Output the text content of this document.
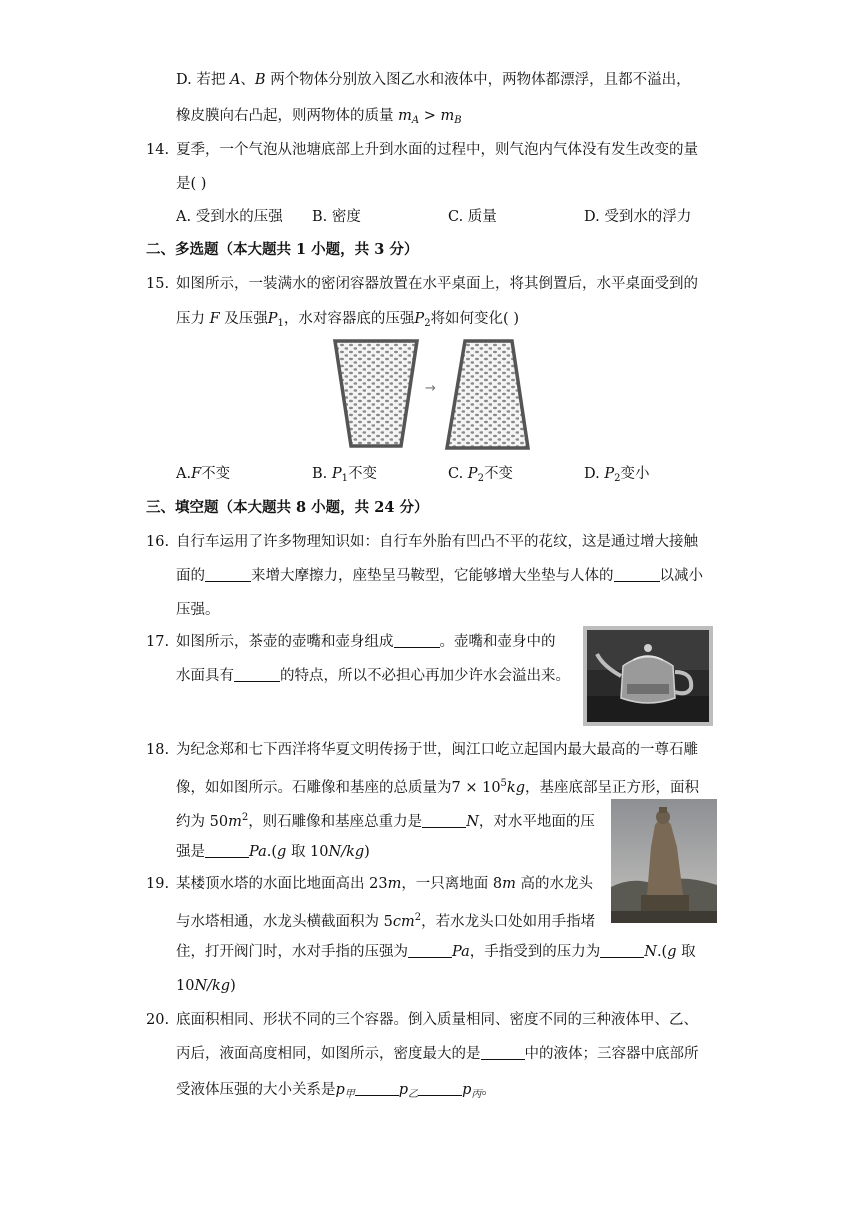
D. 若把 A、B 两个物体分别放入图乙水和液体中，两物体都漂浮，且都不溢出，
橡皮膜向右凸起，则两物体的质量 $m_A > m_B$
14. 夏季，一个气泡从池塘底部上升到水面的过程中，则气泡内气体没有发生改变的量
是( )
A. 受到水的压强 B. 密度	C. 质量	D. 受到水的浮力
二、多选题（本大题共 1 小题，共 3 分）
15. 如图所示，一装满水的密闭容器放置在水平桌面上，将其倒置后，水平桌面受到的
压力 F 及压强$P_1$，水对容器底的压强$P_2$将如何变化( )
→
A.F不变	B. $P_1$不变	C. $P_2$不变	D. $P_2$变小
三、填空题（本大题共 8 小题，共 24 分）
16. 自行车运用了许多物理知识如：自行车外胎有凹凸不平的花纹，这是通过增大接触
面的	来增大摩擦力，座垫呈马鞍型，它能够增大坐垫与人体的	以减小
压强。
17. 如图所示，茶壶的壶嘴和壶身组成	。壶嘴和壶身中的
水面具有	的特点，所以不必担心再加少许水会溢出来。
18. 为纪念郑和七下西洋将华夏文明传扬于世，闽江口屹立起国内最大最高的一尊石雕
像，如如图所示。石雕像和基座的总质量为$7 \times 10^5kg$，基座底部呈正方形，面积
约为 $50m^2$，则石雕像和基座总重力是	N，对水平地面的压
强是	Pa.(g 取 10N/kg)
19. 某楼顶水塔的水面比地面高出 23m，一只离地面 8m 高的水龙头
与水塔相通，水龙头横截面积为 $5cm^2$，若水龙头口处如用手指堵
住，打开阀门时，水对手指的压强为	Pa，手指受到的压力为	N.(g 取
10N/kg)
20. 底面积相同、形状不同的三个容器。倒入质量相同、密度不同的三种液体甲、乙、
丙后，液面高度相同，如图所示，密度最大的是	中的液体；三容器中底部所
受液体压强的大小关系是$p_甲$	$p_乙$	$p_丙$。
